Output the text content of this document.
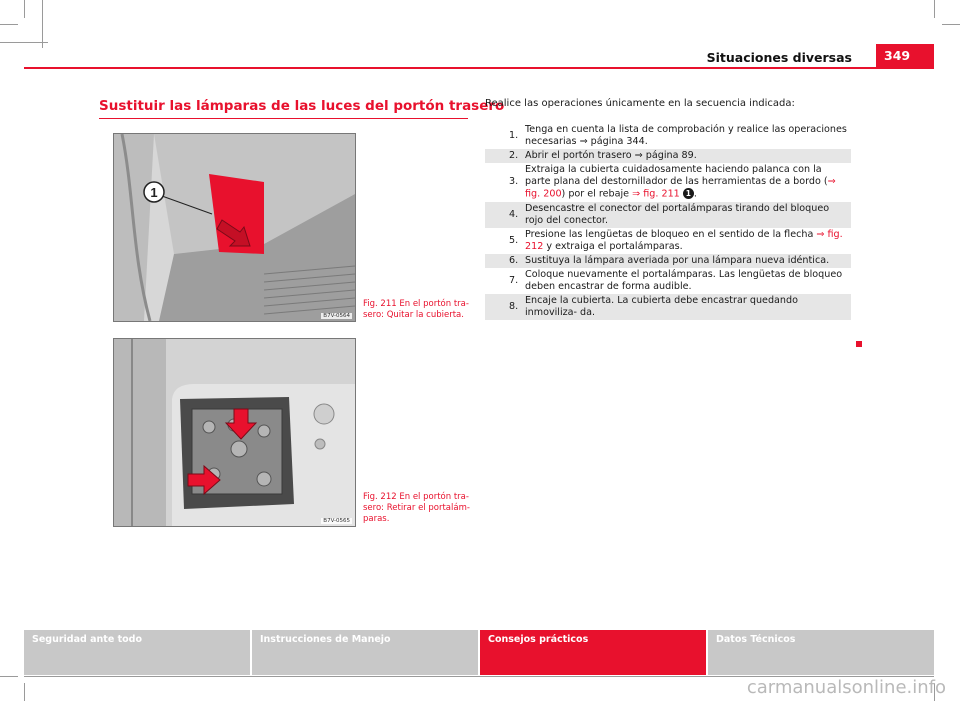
Situaciones diversas	349
Sustituir las lámparas de las luces del portón trasero
1
B7V-0564
Fig. 211 En el portón tra- sero: Quitar la cubierta.
B7V-0565
Fig. 212 En el portón tra- sero: Retirar el portalám- paras.
Realice las operaciones únicamente en la secuencia indicada:
1.
Tenga en cuenta la lista de comprobación y realice las operaciones necesarias ⇒ página 344.
2. Abrir el portón trasero ⇒ página 89.
3.
Extraiga la cubierta cuidadosamente haciendo palanca con la parte plana del destornillador de las herramientas de a bordo (⇒ fig. 200) por el rebaje ⇒ fig. 211 1 .
4.
Desencastre el conector del portalámparas tirando del bloqueo rojo del conector.
5.
Presione las lengüetas de bloqueo en el sentido de la flecha ⇒ fig. 212 y extraiga el portalámparas.
6. Sustituya la lámpara averiada por una lámpara nueva idéntica.
7.
Coloque nuevamente el portalámparas. Las lengüetas de bloqueo deben encastrar de forma audible.
8.
Encaje la cubierta. La cubierta debe encastrar quedando inmoviliza- da.
Seguridad ante todo	Instrucciones de Manejo	Consejos prácticos	Datos Técnicos
carmanualsonline.info
